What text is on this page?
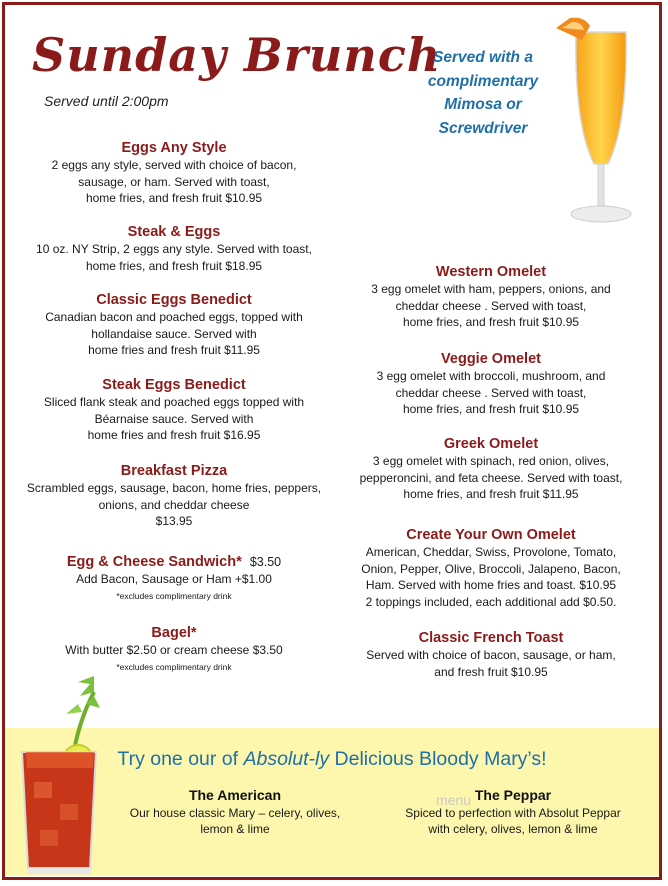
Sunday Brunch
Served until 2:00pm
Served with a
complimentary
Mimosa or
Screwdriver
Eggs Any Style

2 eggs any style, served with choice of bacon,

sausage, or ham. Served with toast,

home fries, and fresh fruit $10.95

Steak & Eggs

10 oz. NY Strip, 2 eggs any style. Served with toast,

home fries, and fresh fruit $18.95

Classic Eggs Benedict

Canadian bacon and poached eggs, topped with

hollandaise sauce. Served with

home fries and fresh fruit $11.95

Steak Eggs Benedict

Sliced flank steak and poached eggs topped with

Béarnaise sauce. Served with

home fries and fresh fruit $16.95

Breakfast Pizza

Scrambled eggs, sausage, bacon, home fries, peppers,

onions, and cheddar cheese

$13.95

Egg & Cheese Sandwich* $3.50

Add Bacon, Sausage or Ham +$1.00

*excludes complimentary drink

Bagel*

With butter $2.50 or cream cheese $3.50

*excludes complimentary drink

Western Omelet

3 egg omelet with ham, peppers, onions, and

cheddar cheese . Served with toast,

home fries, and fresh fruit $10.95

Veggie Omelet

3 egg omelet with broccoli, mushroom, and

cheddar cheese . Served with toast,

home fries, and fresh fruit $10.95

Greek Omelet

3 egg omelet with spinach, red onion, olives,

pepperoncini, and feta cheese. Served with toast,

home fries, and fresh fruit $11.95

Create Your Own Omelet

American, Cheddar, Swiss, Provolone, Tomato,

Onion, Pepper, Olive, Broccoli, Jalapeno, Bacon,

Ham. Served with home fries and toast. $10.95

2 toppings included, each additional add $0.50.

Classic French Toast

Served with choice of bacon, sausage, or ham,

and fresh fruit $10.95

Try one our of Absolut-ly Delicious Bloody Mary’s!
The American

Our house classic Mary – celery, olives,

lemon & lime

The Peppar

Spiced to perfection with Absolut Peppar

with celery, olives, lemon & lime

menu
